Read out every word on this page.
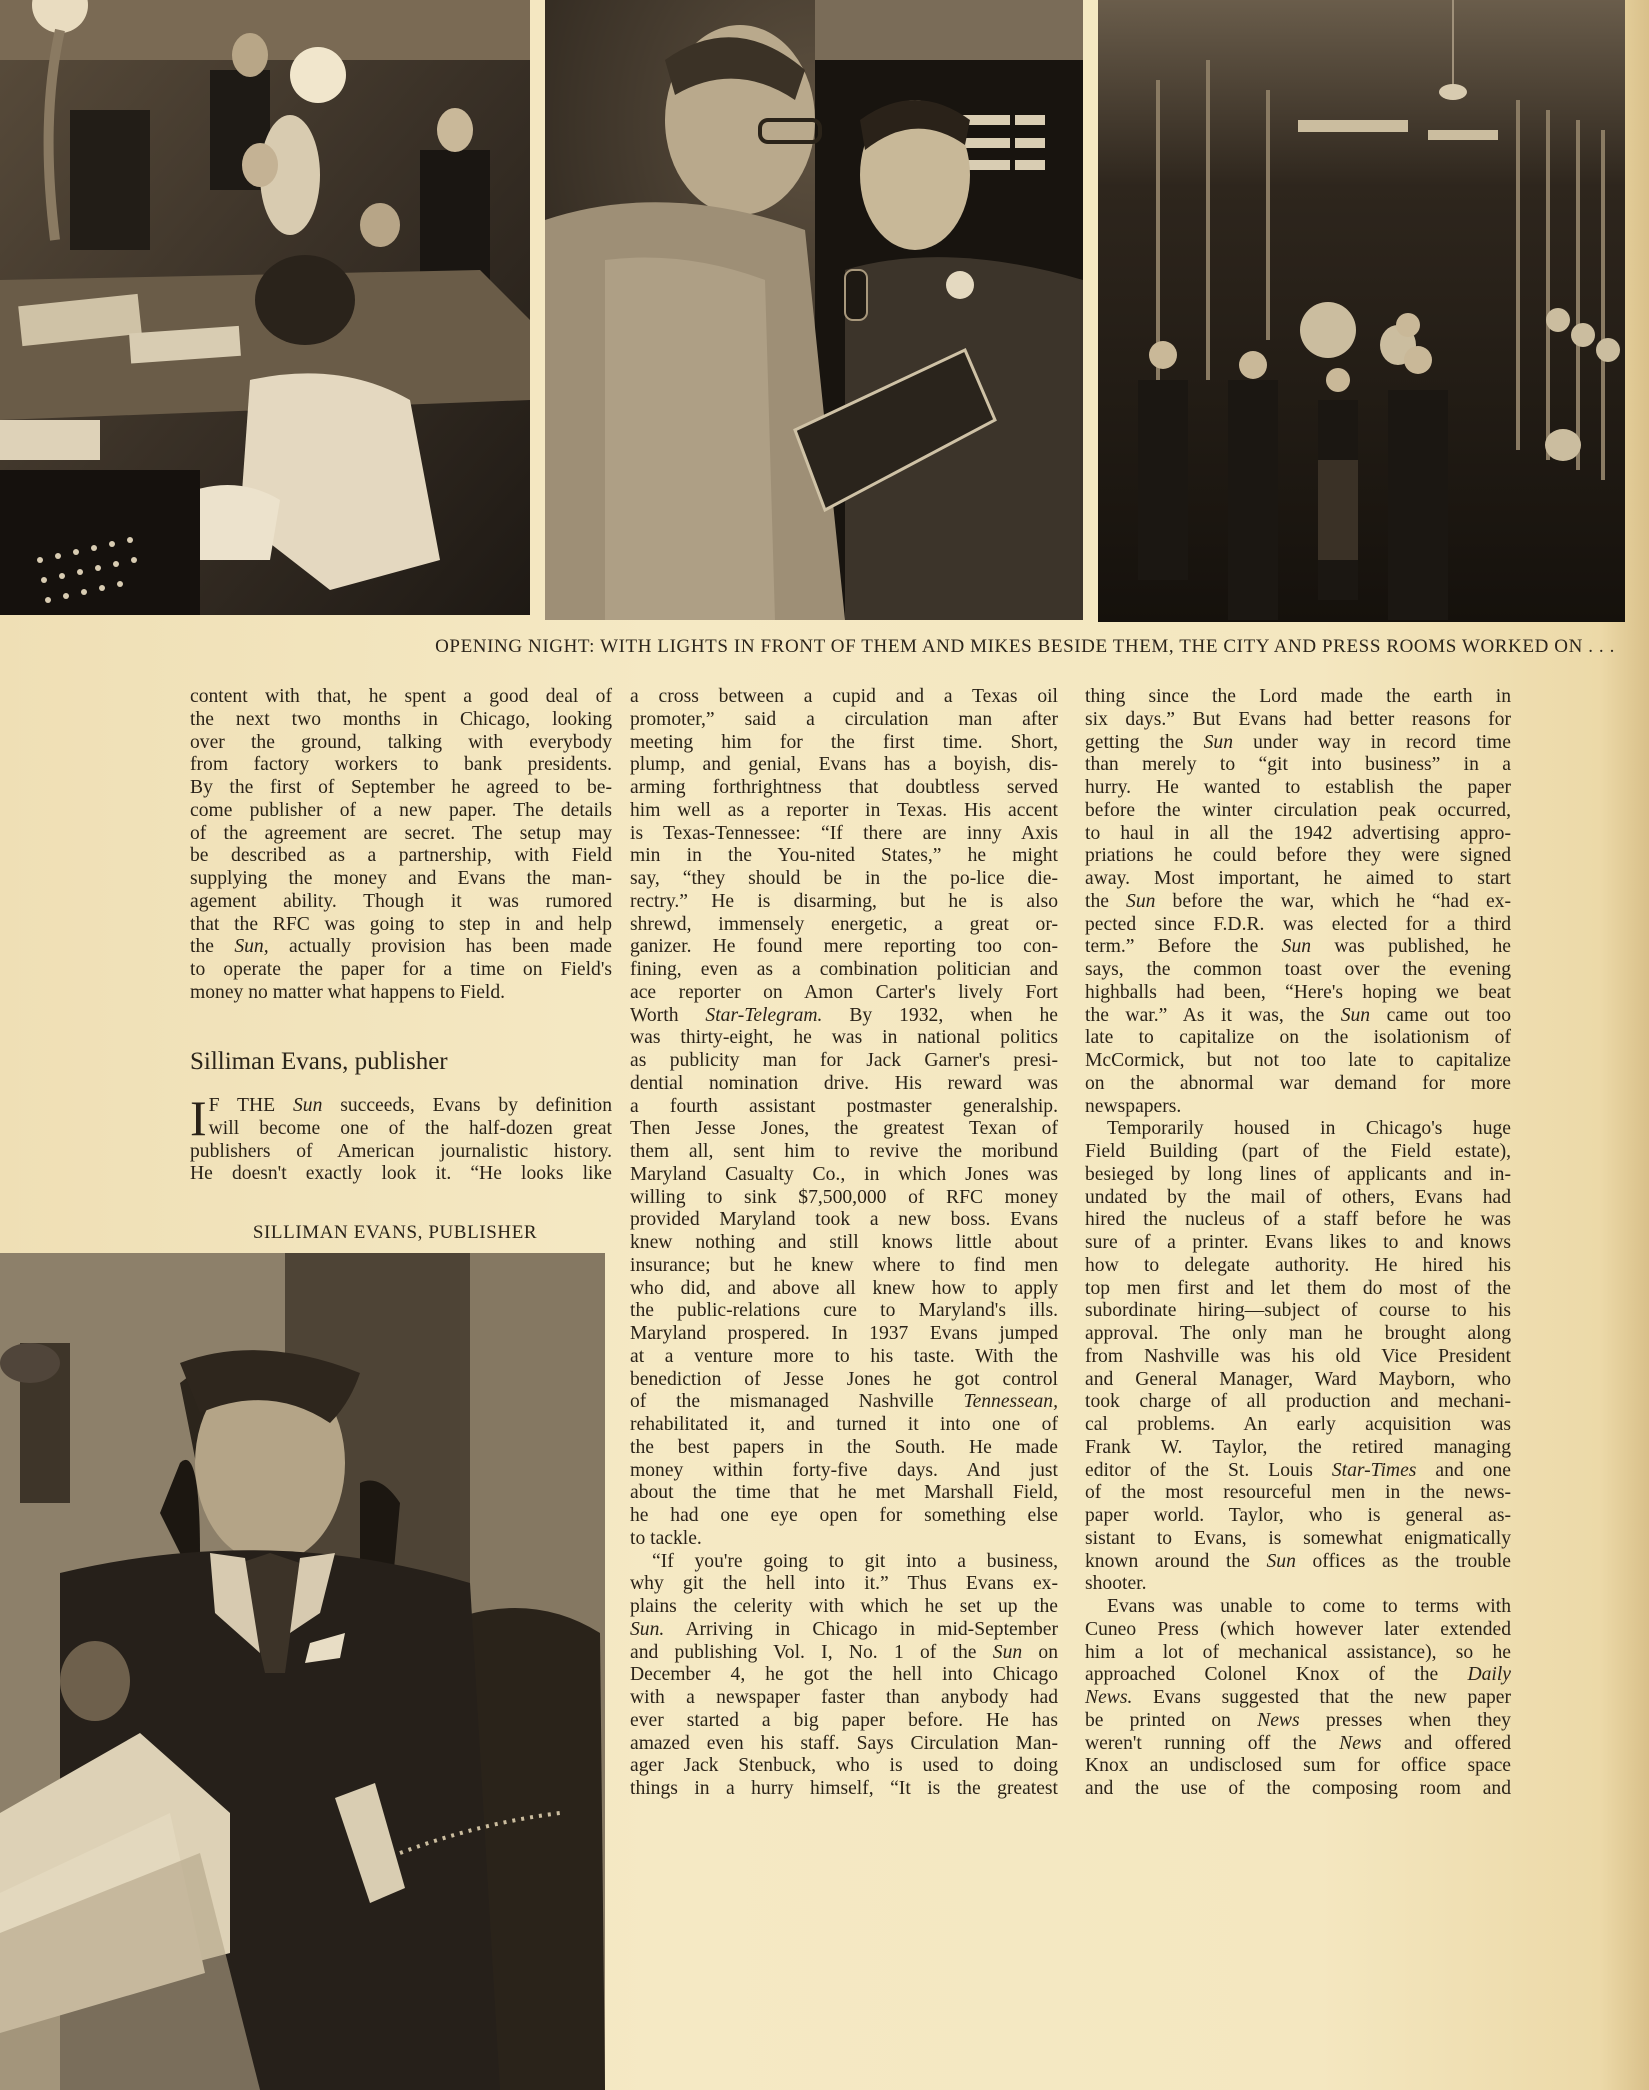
OPENING NIGHT: WITH LIGHTS IN FRONT OF THEM AND MIKES BESIDE THEM, THE CITY AND PRESS ROOMS WORKED ON . . .
content with that, he spent a good deal of
the next two months in Chicago, looking
over the ground, talking with everybody
from factory workers to bank presidents.
By the first of September he agreed to be-
come publisher of a new paper. The details
of the agreement are secret. The setup may
be described as a partnership, with Field
supplying the money and Evans the man-
agement ability. Though it was rumored
that the RFC was going to step in and help
the Sun, actually provision has been made
to operate the paper for a time on Field's
money no matter what happens to Field.
Silliman Evans, publisher
I F THE Sun succeeds, Evans by definition
will become one of the half-dozen great
publishers of American journalistic history.
He doesn't exactly look it. “He looks like
SILLIMAN EVANS, PUBLISHER
a cross between a cupid and a Texas oil
promoter,” said a circulation man after
meeting him for the first time. Short,
plump, and genial, Evans has a boyish, dis-
arming forthrightness that doubtless served
him well as a reporter in Texas. His accent
is Texas-Tennessee: “If there are inny Axis
min in the You-nited States,” he might
say, “they should be in the po-lice die-
rectry.” He is disarming, but he is also
shrewd, immensely energetic, a great or-
ganizer. He found mere reporting too con-
fining, even as a combination politician and
ace reporter on Amon Carter's lively Fort
Worth Star-Telegram. By 1932, when he
was thirty-eight, he was in national politics
as publicity man for Jack Garner's presi-
dential nomination drive. His reward was
a fourth assistant postmaster generalship.
Then Jesse Jones, the greatest Texan of
them all, sent him to revive the moribund
Maryland Casualty Co., in which Jones was
willing to sink $7,500,000 of RFC money
provided Maryland took a new boss. Evans
knew nothing and still knows little about
insurance; but he knew where to find men
who did, and above all knew how to apply
the public-relations cure to Maryland's ills.
Maryland prospered. In 1937 Evans jumped
at a venture more to his taste. With the
benediction of Jesse Jones he got control
of the mismanaged Nashville Tennessean,
rehabilitated it, and turned it into one of
the best papers in the South. He made
money within forty-five days. And just
about the time that he met Marshall Field,
he had one eye open for something else
to tackle.
“If you're going to git into a business,
why git the hell into it.” Thus Evans ex-
plains the celerity with which he set up the
Sun. Arriving in Chicago in mid-September
and publishing Vol. I, No. 1 of the Sun on
December 4, he got the hell into Chicago
with a newspaper faster than anybody had
ever started a big paper before. He has
amazed even his staff. Says Circulation Man-
ager Jack Stenbuck, who is used to doing
things in a hurry himself, “It is the greatest
thing since the Lord made the earth in
six days.” But Evans had better reasons for
getting the Sun under way in record time
than merely to “git into business” in a
hurry. He wanted to establish the paper
before the winter circulation peak occurred,
to haul in all the 1942 advertising appro-
priations he could before they were signed
away. Most important, he aimed to start
the Sun before the war, which he “had ex-
pected since F.D.R. was elected for a third
term.” Before the Sun was published, he
says, the common toast over the evening
highballs had been, “Here's hoping we beat
the war.” As it was, the Sun came out too
late to capitalize on the isolationism of
McCormick, but not too late to capitalize
on the abnormal war demand for more
newspapers.
Temporarily housed in Chicago's huge
Field Building (part of the Field estate),
besieged by long lines of applicants and in-
undated by the mail of others, Evans had
hired the nucleus of a staff before he was
sure of a printer. Evans likes to and knows
how to delegate authority. He hired his
top men first and let them do most of the
subordinate hiring—subject of course to his
approval. The only man he brought along
from Nashville was his old Vice President
and General Manager, Ward Mayborn, who
took charge of all production and mechani-
cal problems. An early acquisition was
Frank W. Taylor, the retired managing
editor of the St. Louis Star-Times and one
of the most resourceful men in the news-
paper world. Taylor, who is general as-
sistant to Evans, is somewhat enigmatically
known around the Sun offices as the trouble
shooter.
Evans was unable to come to terms with
Cuneo Press (which however later extended
him a lot of mechanical assistance), so he
approached Colonel Knox of the Daily
News. Evans suggested that the new paper
be printed on News presses when they
weren't running off the News and offered
Knox an undisclosed sum for office space
and the use of the composing room and
